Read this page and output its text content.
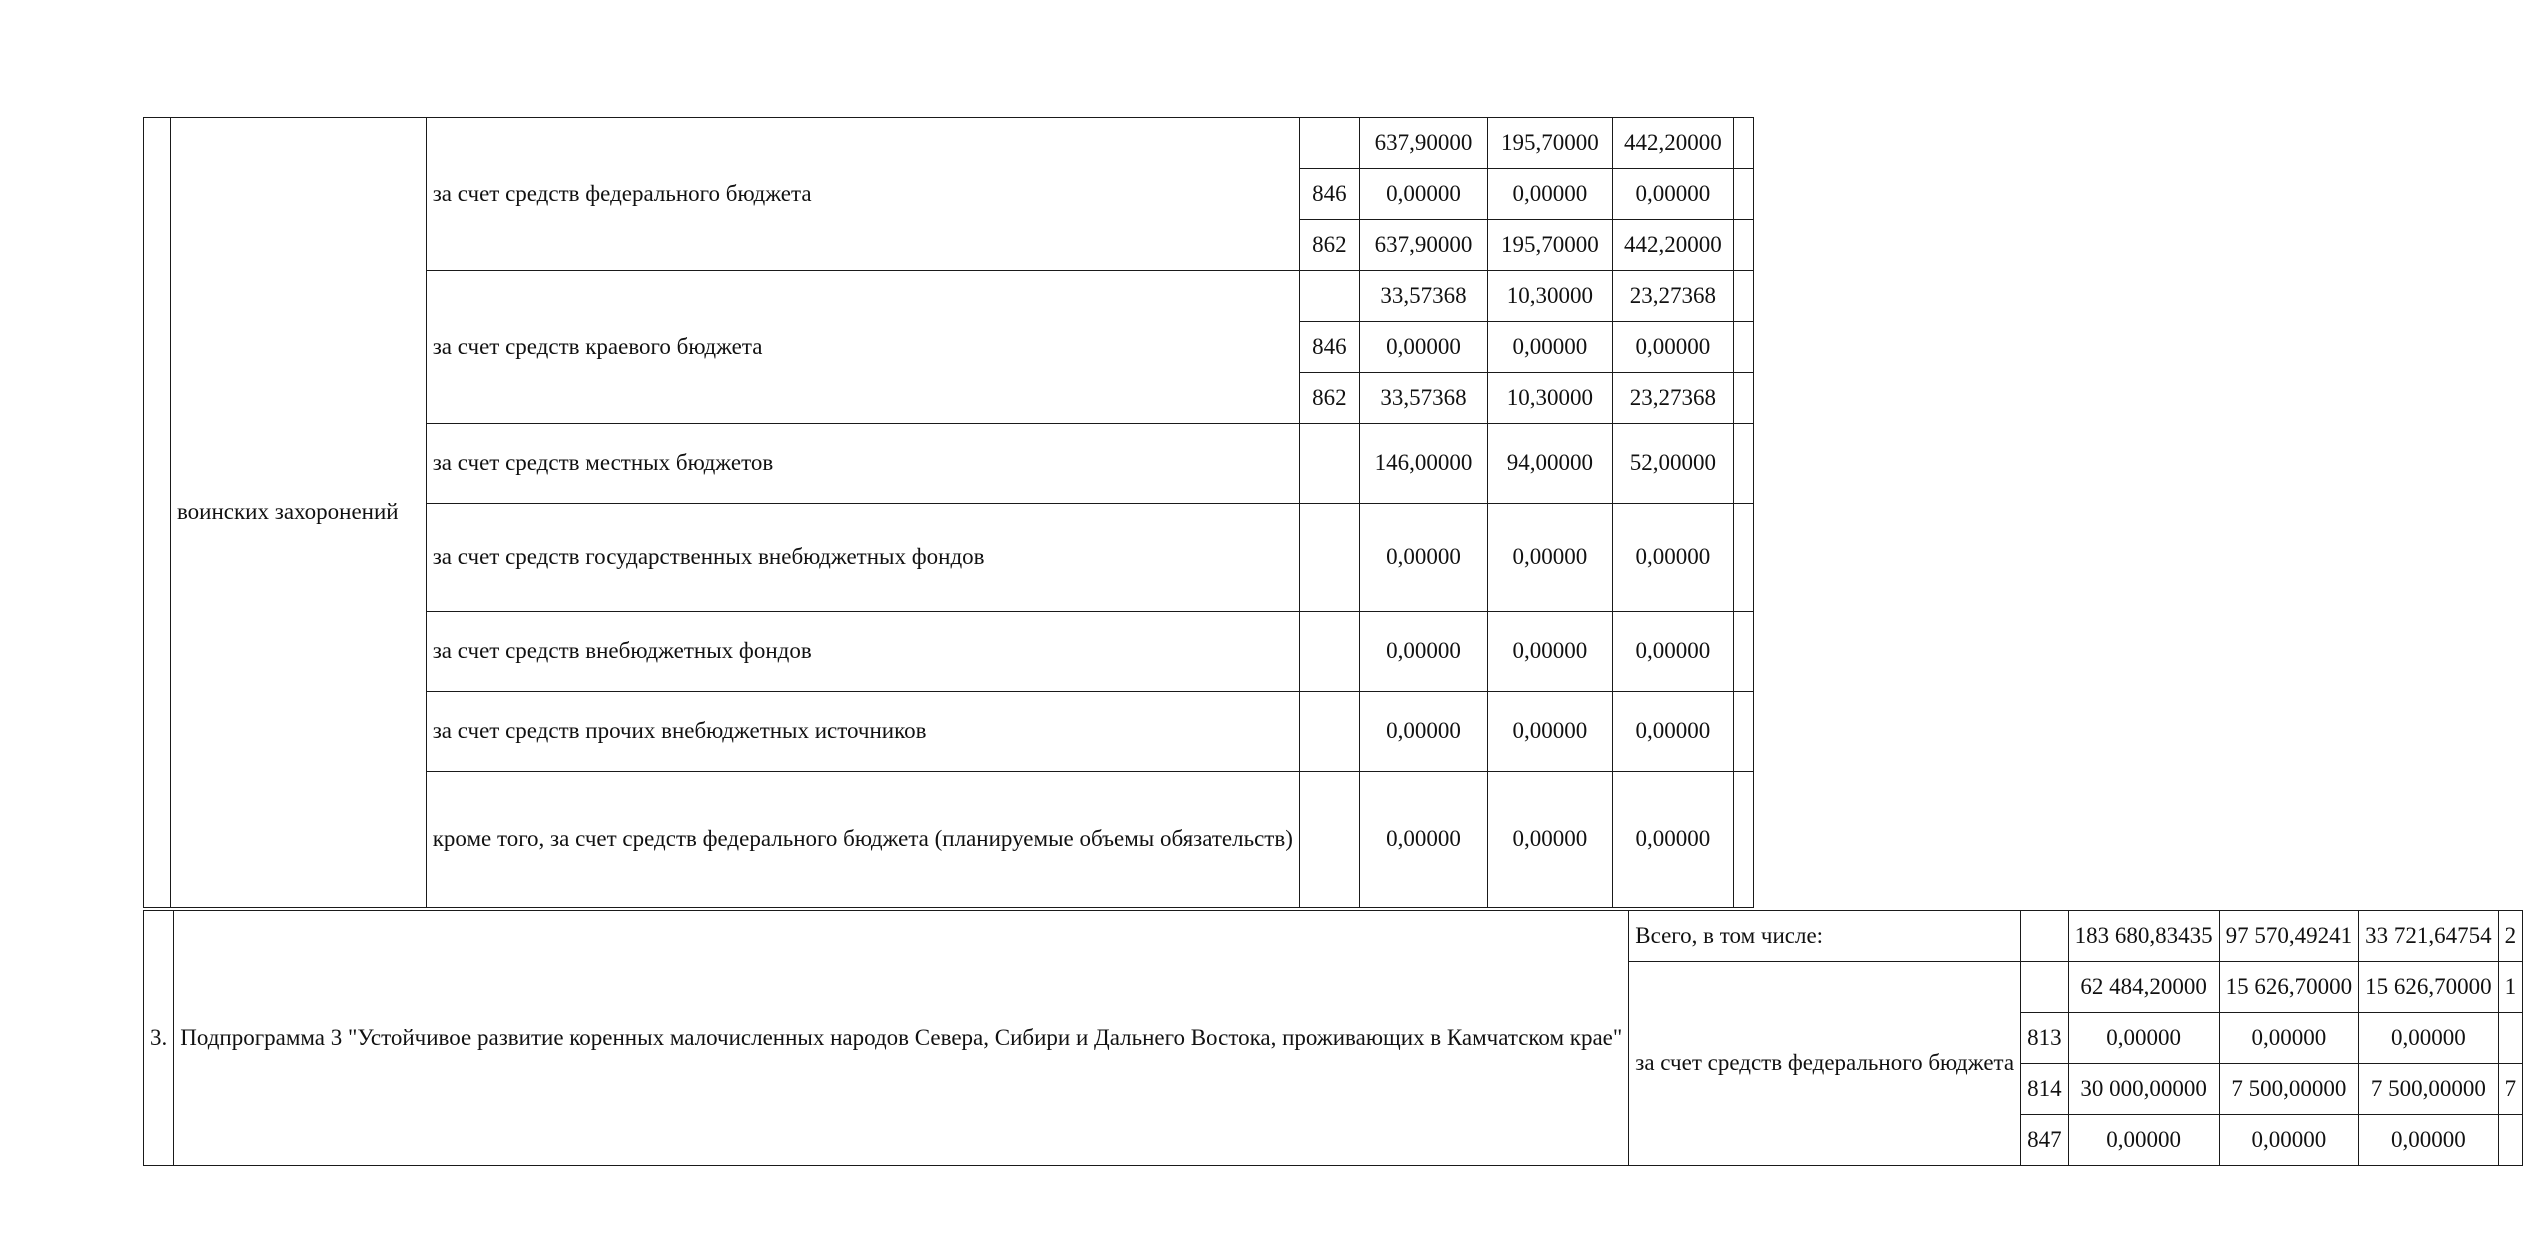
	воинских захоронений	за счет средств федерального бюджета		637,90000	195,70000	442,20000	
			846	0,00000	0,00000	0,00000	
			862	637,90000	195,70000	442,20000	
		за счет средств краевого бюджета		33,57368	10,30000	23,27368	
			846	0,00000	0,00000	0,00000	
			862	33,57368	10,30000	23,27368	
		за счет средств местных бюджетов		146,00000	94,00000	52,00000	
		за счет средств государственных внебюджетных фондов		0,00000	0,00000	0,00000	
		за счет средств внебюджетных фондов		0,00000	0,00000	0,00000	
		за счет средств прочих внебюджетных источников		0,00000	0,00000	0,00000	
		кроме того, за счет средств федерального бюджета (планируемые объемы обязательств)		0,00000	0,00000	0,00000	
3.	Подпрограмма 3 "Устойчивое развитие коренных малочисленных народов Севера, Сибири и Дальнего Востока, проживающих в Камчатском крае"	Всего, в том числе:		183 680,83435	97 570,49241	33 721,64754	2
		за счет средств федерального бюджета		62 484,20000	15 626,70000	15 626,70000	1
			813	0,00000	0,00000	0,00000	
			814	30 000,00000	7 500,00000	7 500,00000	7
			847	0,00000	0,00000	0,00000	
